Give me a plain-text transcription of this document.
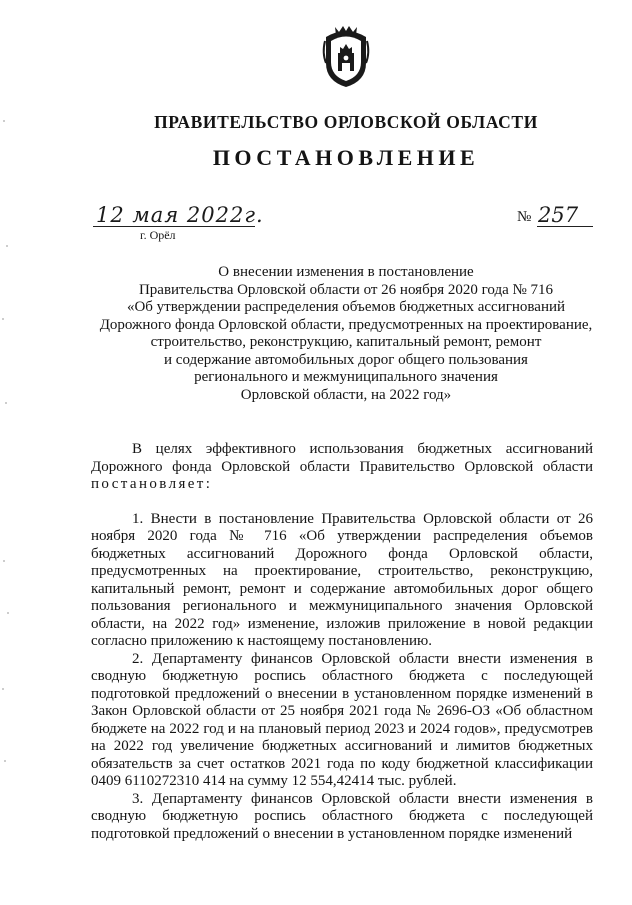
ПРАВИТЕЛЬСТВО ОРЛОВСКОЙ ОБЛАСТИ
ПОСТАНОВЛЕНИЕ
12 мая 2022г.
г. Орёл
№ 257
О внесении изменения в постановление
Правительства Орловской области от 26 ноября 2020 года № 716
«Об утверждении распределения объемов бюджетных ассигнований
Дорожного фонда Орловской области, предусмотренных на проектирование,
строительство, реконструкцию, капитальный ремонт, ремонт
и содержание автомобильных дорог общего пользования
регионального и межмуниципального значения
Орловской области, на 2022 год»
В целях эффективного использования бюджетных ассигнований Дорожного фонда Орловской области Правительство Орловской области постановляет:
1. Внести в постановление Правительства Орловской области от 26 ноября 2020 года № 716 «Об утверждении распределения объемов бюджетных ассигнований Дорожного фонда Орловской области, предусмотренных на проектирование, строительство, реконструкцию, капитальный ремонт, ремонт и содержание автомобильных дорог общего пользования регионального и межмуниципального значения Орловской области, на 2022 год» изменение, изложив приложение в новой редакции согласно приложению к настоящему постановлению.
2. Департаменту финансов Орловской области внести изменения в сводную бюджетную роспись областного бюджета с последующей подготовкой предложений о внесении в установленном порядке изменений в Закон Орловской области от 25 ноября 2021 года № 2696-ОЗ «Об областном бюджете на 2022 год и на плановый период 2023 и 2024 годов», предусмотрев на 2022 год увеличение бюджетных ассигнований и лимитов бюджетных обязательств за счет остатков 2021 года по коду бюджетной классификации 0409 6110272310 414 на сумму 12 554,42414 тыс. рублей.
3. Департаменту финансов Орловской области внести изменения в сводную бюджетную роспись областного бюджета с последующей подготовкой предложений о внесении в установленном порядке изменений
